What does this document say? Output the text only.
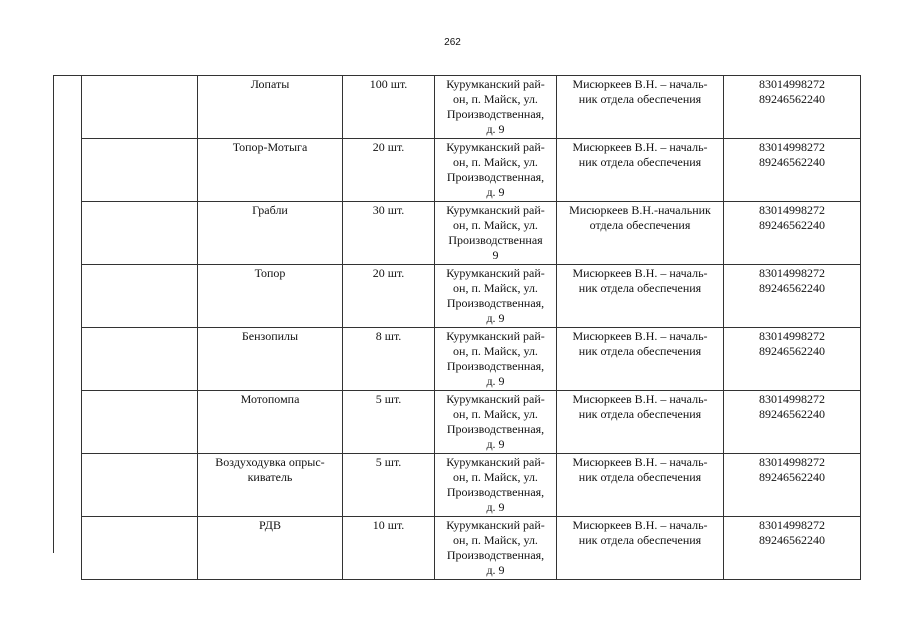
262
	Лопаты	100 шт.	Курумканский рай-
он, п. Майск, ул.
Производственная,
д. 9	Мисюркеев В.Н. – началь-
ник отдела обеспечения	83014998272
89246562240
	Топор-Мотыга	20 шт.	Курумканский рай-
он, п. Майск, ул.
Производственная,
д. 9	Мисюркеев В.Н. – началь-
ник отдела обеспечения	83014998272
89246562240
	Грабли	30 шт.	Курумканский рай-
он, п. Майск, ул.
Производственная
9	Мисюркеев В.Н.-начальник
отдела обеспечения	83014998272
89246562240
	Топор	20 шт.	Курумканский рай-
он, п. Майск, ул.
Производственная,
д. 9	Мисюркеев В.Н. – началь-
ник отдела обеспечения	83014998272
89246562240
	Бензопилы	8 шт.	Курумканский рай-
он, п. Майск, ул.
Производственная,
д. 9	Мисюркеев В.Н. – началь-
ник отдела обеспечения	83014998272
89246562240
	Мотопомпа	5 шт.	Курумканский рай-
он, п. Майск, ул.
Производственная,
д. 9	Мисюркеев В.Н. – началь-
ник отдела обеспечения	83014998272
89246562240
	Воздуходувка опрыс-
киватель	5 шт.	Курумканский рай-
он, п. Майск, ул.
Производственная,
д. 9	Мисюркеев В.Н. – началь-
ник отдела обеспечения	83014998272
89246562240
	РДВ	10 шт.	Курумканский рай-
он, п. Майск, ул.
Производственная,
д. 9	Мисюркеев В.Н. – началь-
ник отдела обеспечения	83014998272
89246562240
